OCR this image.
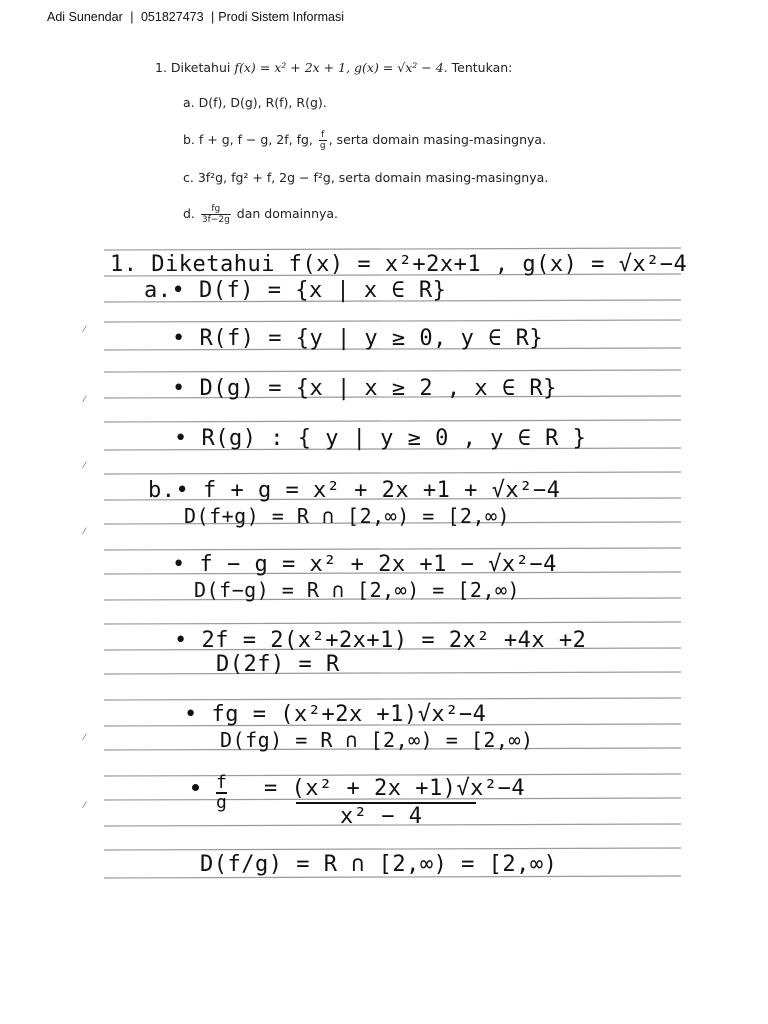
Adi Sunendar | 051827473 | Prodi Sistem Informasi
1. Diketahui f(x) = x² + 2x + 1, g(x) = √x² − 4. Tentukan:
a. D(f), D(g), R(f), R(g).
b. f + g, f − g, 2f, fg, $\frac{f}{g}$ , serta domain masing-masingnya.
c. 3f²g, fg² + f, 2g − f²g, serta domain masing-masingnya.
d. $\frac{fg}{3f-2g}$ dan domainnya.
⁄
⁄
⁄
⁄
⁄
⁄
1. Diketahui f(x) = x²+2x+1 , g(x) = √x²−4
a.• D(f) = {x | x ∈ R}
• R(f) = {y | y ≥ 0, y ∈ R}
• D(g) = {x | x ≥ 2 , x ∈ R}
• R(g) : { y | y ≥ 0 , y ∈ R }
b.• f + g = x² + 2x +1 + √x²−4
D(f+g) = R ∩ [2,∞) = [2,∞)
• f − g = x² + 2x +1 − √x²−4
D(f−g) = R ∩ [2,∞) = [2,∞)
• 2f = 2(x²+2x+1) = 2x² +4x +2
D(2f) = R
• fg = (x²+2x +1)√x²−4
D(fg) = R ∩ [2,∞) = [2,∞)
f
g
= (x² + 2x +1)√x²−4
x² − 4
D(f/g) = R ∩ [2,∞) = [2,∞)
